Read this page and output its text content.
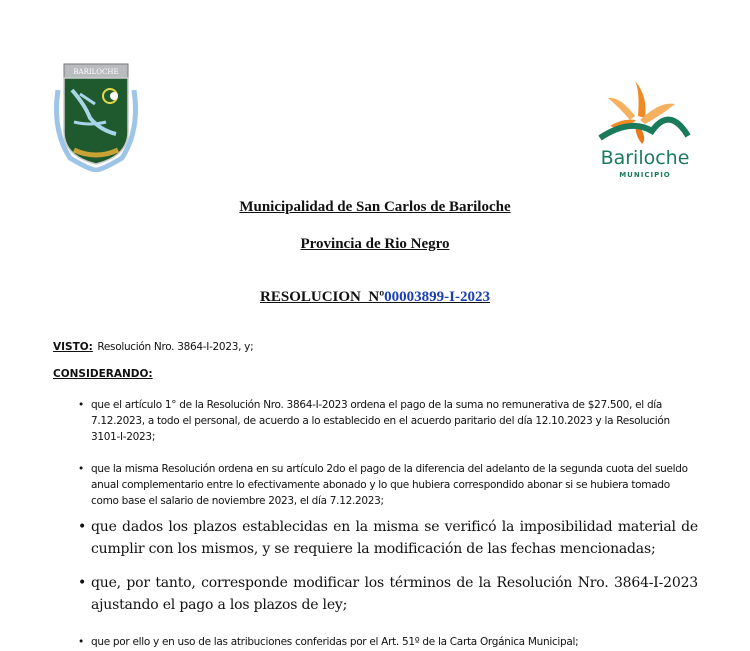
BARILOCHE
Bariloche
MUNICIPIO
Municipalidad de San Carlos de Bariloche
Provincia de Rio Negro
RESOLUCION  Nº00003899-I-2023
VISTO: Resolución Nro. 3864-I-2023, y;
CONSIDERANDO:
• que el artículo 1° de la Resolución Nro. 3864-I-2023 ordena el pago de la suma no remunerativa de $27.500, el día 7.12.2023, a todo el personal, de acuerdo a lo establecido en el acuerdo paritario del día 12.10.2023 y la Resolución 3101-I-2023;
• que la misma Resolución ordena en su artículo 2do el pago de la diferencia del adelanto de la segunda cuota del sueldo anual complementario entre lo efectivamente abonado y lo que hubiera correspondido abonar si se hubiera tomado como base el salario de noviembre 2023, el día 7.12.2023;
• que dados los plazos establecidas en la misma se verificó la imposibilidad material de cumplir con los mismos, y se requiere la modificación de las fechas mencionadas;
• que, por tanto, corresponde modificar los términos de la Resolución Nro. 3864-I-2023 ajustando el pago a los plazos de ley;
• que por ello y en uso de las atribuciones conferidas por el Art. 51º de la Carta Orgánica Municipal;
